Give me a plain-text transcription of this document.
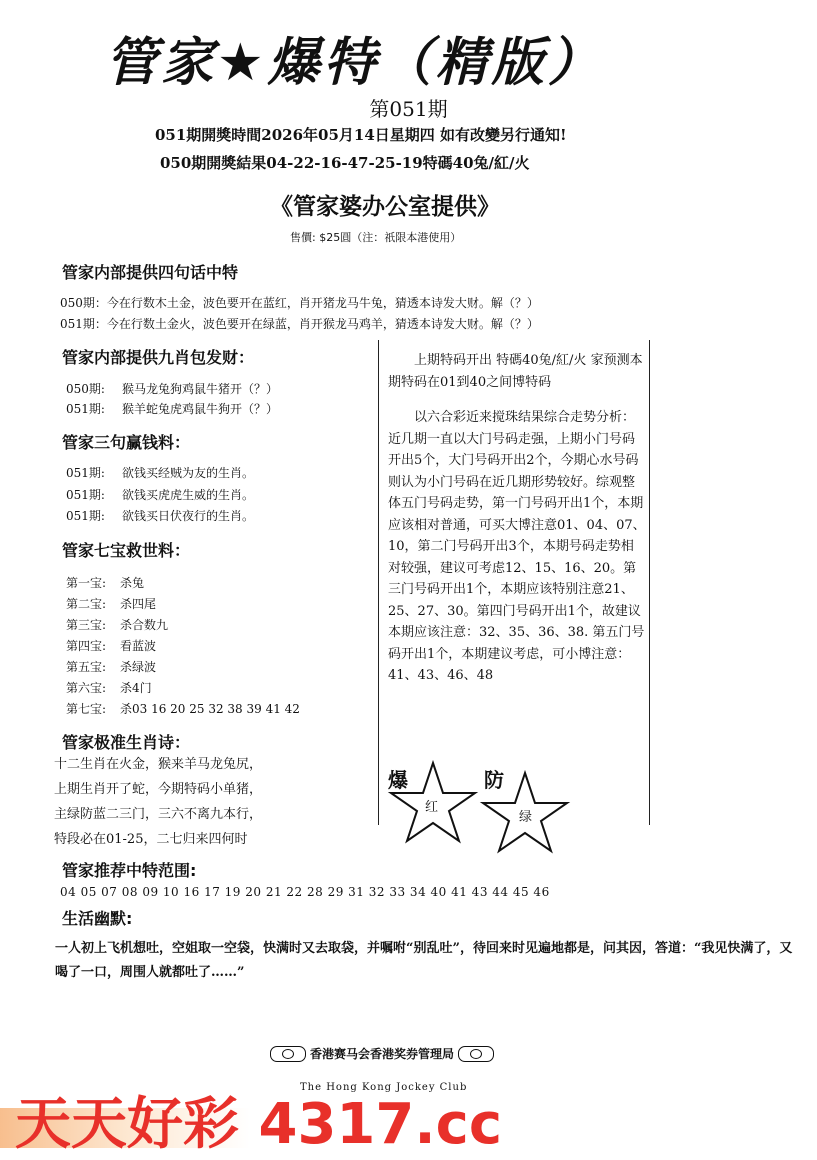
管家★爆特（精版）
第051期
051期開獎時間2026年05月14日星期四 如有改變另行通知!
050期開獎結果04-22-16-47-25-19特碼40兔/紅/火
《管家婆办公室提供》
售價: $25圓（注：祇限本港使用）
管家内部提供四句话中特
050期：今在行数木土金，波色要开在蓝红，肖开猪龙马牛兔，猜透本诗发大财。解（？）
051期：今在行数土金火，波色要开在绿蓝，肖开猴龙马鸡羊，猜透本诗发大财。解（？）
管家内部提供九肖包发财：
050期: 猴马龙兔狗鸡鼠牛猪开（？）
051期: 猴羊蛇兔虎鸡鼠牛狗开（？）
管家三句赢钱料：
051期: 欲钱买经贼为友的生肖。
051期: 欲钱买虎虎生威的生肖。
051期: 欲钱买日伏夜行的生肖。
管家七宝救世料：
第一宝: 杀兔
第二宝: 杀四尾
第三宝: 杀合数九
第四宝: 看蓝波
第五宝: 杀绿波
第六宝: 杀4门
第七宝: 杀03 16 20 25 32 38 39 41 42
管家极准生肖诗：
十二生肖在火金，猴来羊马龙兔尻，
上期生肖开了蛇，今期特码小单猪，
主绿防蓝二三门，三六不离九本行，
特段必在01-25，二七归来四何时

上期特码开出 特碼40兔/紅/火 家预测本期特码在01到40之间博特码

以六合彩近来搅珠结果综合走势分析：近几期一直以大门号码走强，上期小门号码开出5个，大门号码开出2个，今期心水号码则认为小门号码在近几期形势较好。综观整体五门号码走势，第一门号码开出1个，本期应该相对普通，可买大博注意01、04、07、10，第二门号码开出3个，本期号码走势相对较强，建议可考虑12、15、16、20。第三门号码开出1个，本期应该特别注意21、25、27、30。第四门号码开出1个，故建议本期应该注意：32、35、36、38. 第五门号码开出1个，本期建议考虑，可小博注意：41、43、46、48

爆
红
防
绿
管家推荐中特范围:
04 05 07 08 09 10 16 17 19 20 21 22 28 29 31 32 33 34 40 41 43 44 45 46
生活幽默:
一人初上飞机想吐，空姐取一空袋，快满时又去取袋，并嘱咐“别乱吐”，待回来时见遍地都是，问其因，答道：“我见快满了，又喝了一口，周围人就都吐了……”
香港赛马会香港奖券管理局
The Hong Kong Jockey Club
天天好彩 4317.cc
